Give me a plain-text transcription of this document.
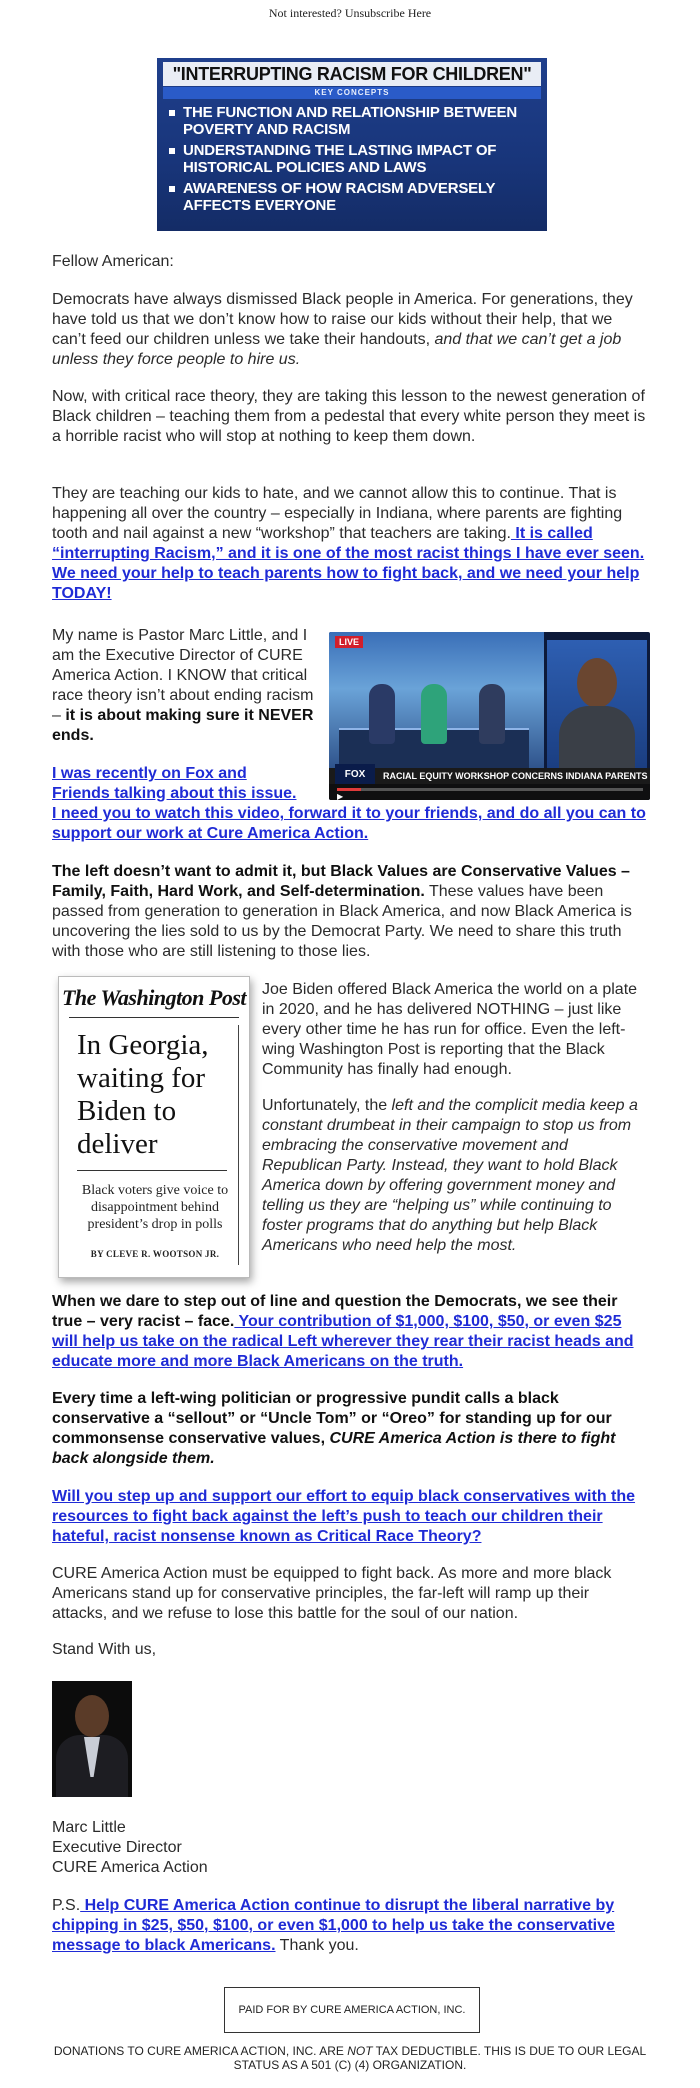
Not interested? Unsubscribe Here
"INTERRUPTING RACISM FOR CHILDREN"
KEY CONCEPTS
THE FUNCTION AND RELATIONSHIP BETWEEN POVERTY AND RACISM
UNDERSTANDING THE LASTING IMPACT OF HISTORICAL POLICIES AND LAWS
AWARENESS OF HOW RACISM ADVERSELY AFFECTS EVERYONE

Fellow American:

Democrats have always dismissed Black people in America. For generations, they have told us that we don’t know how to raise our kids without their help, that we can’t feed our children unless we take their handouts, and that we can’t get a job unless they force people to hire us.

Now, with critical race theory, they are taking this lesson to the newest generation of Black children – teaching them from a pedestal that every white person they meet is a horrible racist who will stop at nothing to keep them down.

They are teaching our kids to hate, and we cannot allow this to continue. That is happening all over the country – especially in Indiana, where parents are fighting tooth and nail against a new “workshop” that teachers are taking. It is called “interrupting Racism,” and it is one of the most racist things I have ever seen. We need your help to teach parents how to fight back, and we need your help TODAY!

My name is Pastor Marc Little, and I am the Executive Director of CURE America Action. I KNOW that critical race theory isn’t about ending racism – it is about making sure it NEVER ends.

I was recently on Fox and Friends talking about this issue.
I need you to watch this video, forward it to your friends, and do all you can to support our work at Cure America Action.

The left doesn’t want to admit it, but Black Values are Conservative Values – Family, Faith, Hard Work, and Self-determination. These values have been passed from generation to generation in Black America, and now Black America is uncovering the lies sold to us by the Democrat Party. We need to share this truth with those who are still listening to those lies.

Joe Biden offered Black America the world on a plate in 2020, and he has delivered NOTHING – just like every other time he has run for office. Even the left-wing Washington Post is reporting that the Black Community has finally had enough.

Unfortunately, the left and the complicit media keep a constant drumbeat in their campaign to stop us from embracing the conservative movement and Republican Party. Instead, they want to hold Black America down by offering government money and telling us they are “helping us” while continuing to foster programs that do anything but help Black Americans who need help the most.

When we dare to step out of line and question the Democrats, we see their true – very racist – face. Your contribution of $1,000, $100, $50, or even $25 will help us take on the radical Left wherever they rear their racist heads and educate more and more Black Americans on the truth.

Every time a left-wing politician or progressive pundit calls a black conservative a “sellout” or “Uncle Tom” or “Oreo” for standing up for our commonsense conservative values, CURE America Action is there to fight back alongside them.

Will you step up and support our effort to equip black conservatives with the resources to fight back against the left’s push to teach our children their hateful, racist nonsense known as Critical Race Theory?

CURE America Action must be equipped to fight back. As more and more black Americans stand up for conservative principles, the far-left will ramp up their attacks, and we refuse to lose this battle for the soul of our nation.

Stand With us,

Marc Little
Executive Director
CURE America Action

P.S. Help CURE America Action continue to disrupt the liberal narrative by chipping in $25, $50, $100, or even $1,000 to help us take the conservative message to black Americans. Thank you.

LIVE
RACIAL EQUITY WORKSHOP CONCERNS INDIANA PARENTS
FOX
▶
The Washington Post
In Georgia, waiting for Biden to deliver
Black voters give voice to disappointment behind president’s drop in polls
BY CLEVE R. WOOTSON JR.
PAID FOR BY CURE AMERICA ACTION, INC.
DONATIONS TO CURE AMERICA ACTION, INC. ARE NOT TAX DEDUCTIBLE. THIS IS DUE TO OUR LEGAL STATUS AS A 501 (C) (4) ORGANIZATION.
